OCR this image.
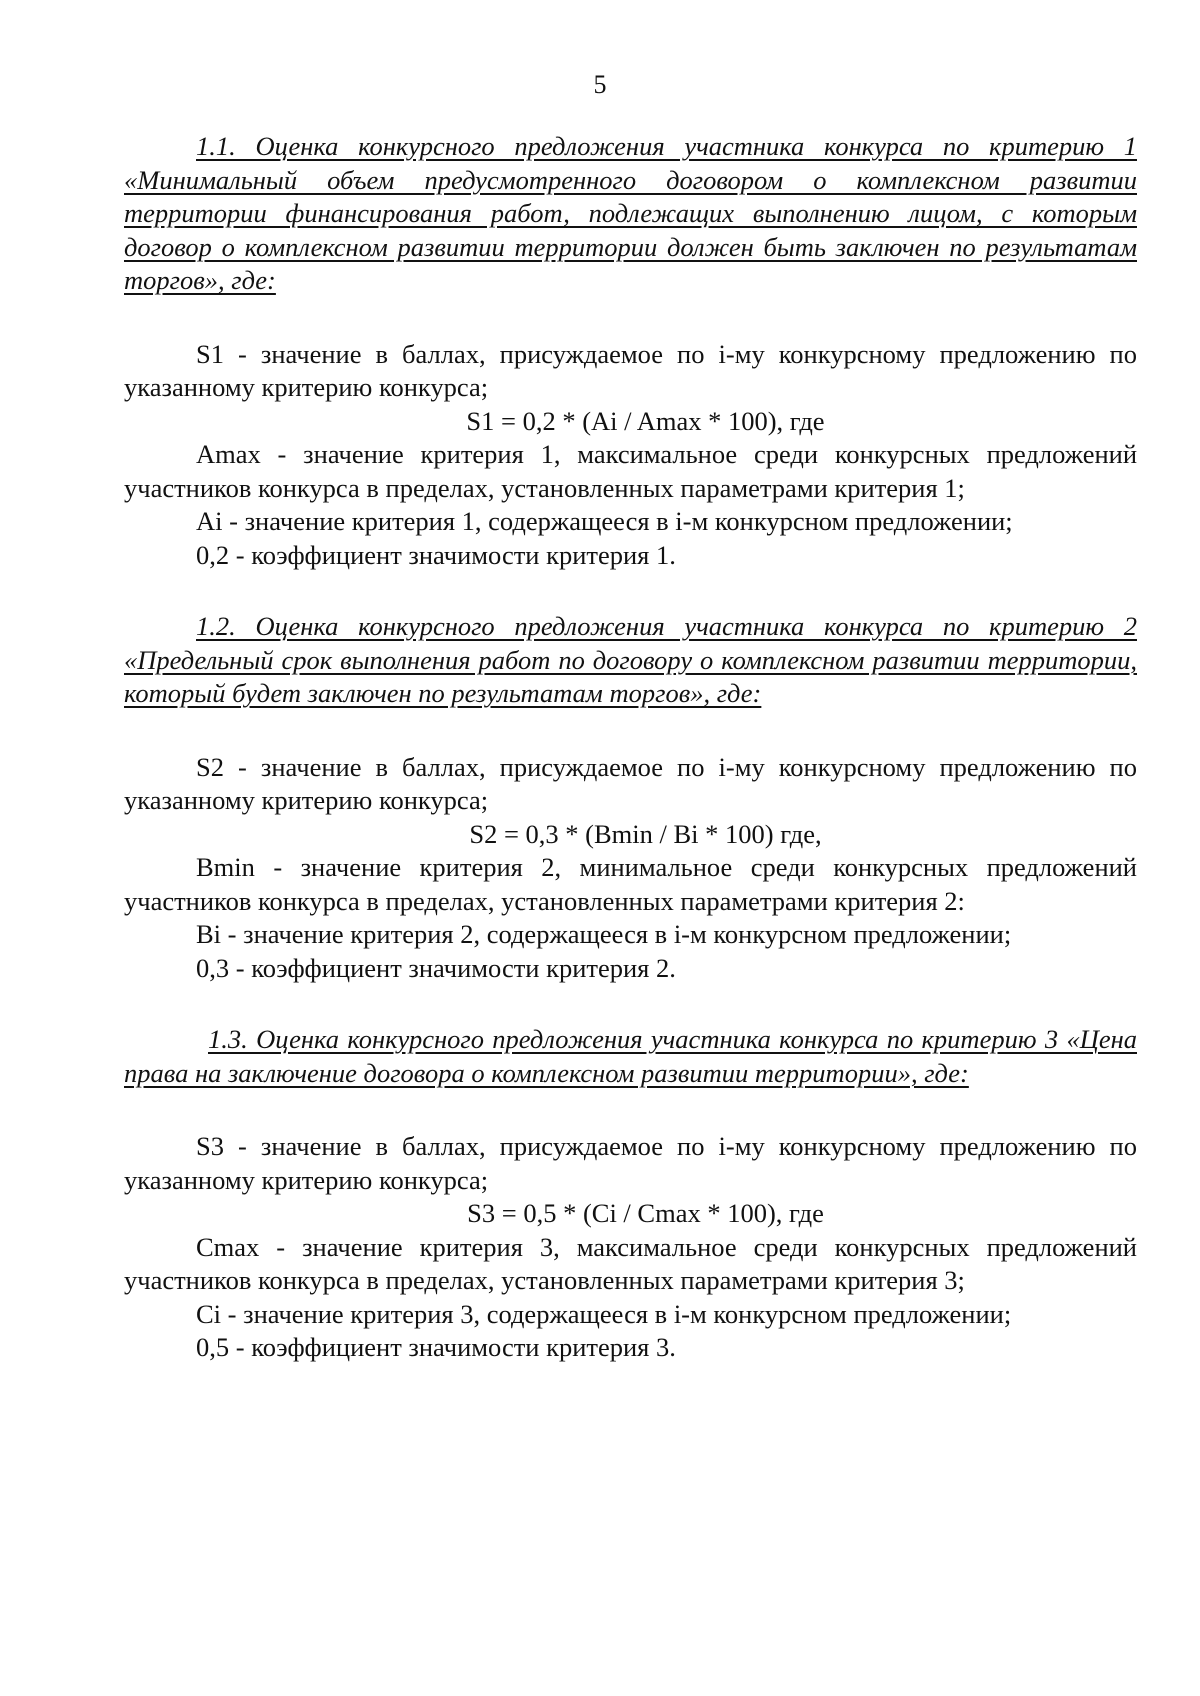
5

1.1. Оценка конкурсного предложения участника конкурса по критерию 1 «Минимальный объем предусмотренного договором о комплексном развитии территории финансирования работ, подлежащих выполнению лицом, с которым договор о комплексном развитии территории должен быть заключен по результатам торгов», где:

S1 - значение в баллах, присуждаемое по i-му конкурсному предложению по указанному критерию конкурса;

S1 = 0,2 * (Ai / Amax * 100), где

Amax - значение критерия 1, максимальное среди конкурсных предложений участников конкурса в пределах, установленных параметрами критерия 1;

Ai - значение критерия 1, содержащееся в i-м конкурсном предложении;

0,2 - коэффициент значимости критерия 1.

1.2. Оценка конкурсного предложения участника конкурса по критерию 2 «Предельный срок выполнения работ по договору о комплексном развитии территории, который будет заключен по результатам торгов», где:

S2 - значение в баллах, присуждаемое по i-му конкурсному предложению по указанному критерию конкурса;

S2 = 0,3 * (Bmin / Bi * 100) где,

Bmin - значение критерия 2, минимальное среди конкурсных предложений участников конкурса в пределах, установленных параметрами критерия 2:

Bi - значение критерия 2, содержащееся в i-м конкурсном предложении;

0,3 - коэффициент значимости критерия 2.

1.3. Оценка конкурсного предложения участника конкурса по критерию 3 «Цена права на заключение договора о комплексном развитии территории», где:

S3 - значение в баллах, присуждаемое по i-му конкурсному предложению по указанному критерию конкурса;

S3 = 0,5 * (Ci / Cmax * 100), где

Cmax - значение критерия 3, максимальное среди конкурсных предложений участников конкурса в пределах, установленных параметрами критерия 3;

Ci - значение критерия 3, содержащееся в i-м конкурсном предложении;

0,5 - коэффициент значимости критерия 3.
